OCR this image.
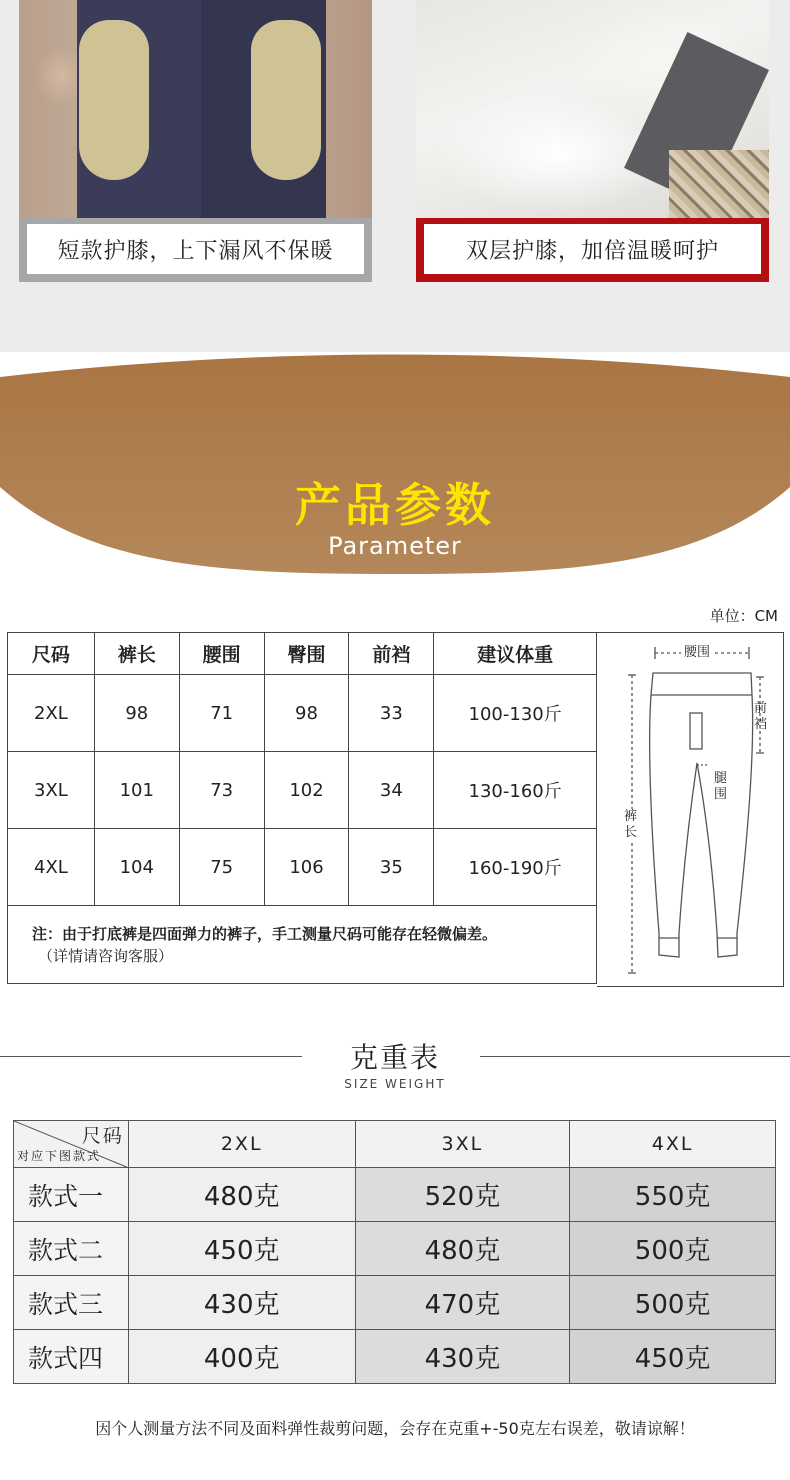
短款护膝，上下漏风不保暖	双层护膝，加倍温暖呵护
产品参数
Parameter
单位：CM
尺码	裤长	腰围	臀围	前裆	建议体重
2XL	98	71	98	33	100-130斤
3XL	101	73	102	34	130-160斤
4XL	104	75	106	35	160-190斤
注：由于打底裤是四面弹力的裤子，手工测量尺码可能存在轻微偏差。
（详情请咨询客服）					
腰围
前
裆
腿
围
裤
长
克重表
SIZE WEIGHT
尺码
对应下图款式	2XL	3XL	4XL
款式一	480克	520克	550克
款式二	450克	480克	500克
款式三	430克	470克	500克
款式四	400克	430克	450克
因个人测量方法不同及面料弹性裁剪问题，会存在克重+-50克左右误差，敬请谅解！
